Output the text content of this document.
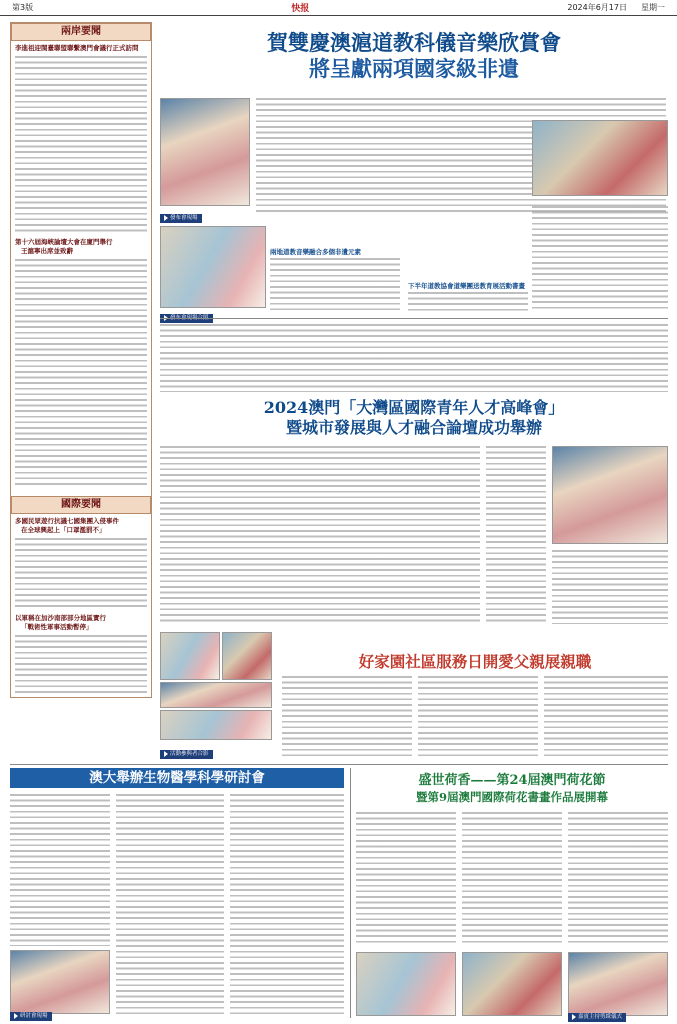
第3版	快报	2024年6月17日 星期一
兩岸要聞
李進祖迎閩臺聯盟聯繫澳門會議行正式訪問
第十六屆海峽論壇大會在廈門舉行
王滬寧出席並致辭
國際要聞
多國民眾遊行抗議七國集團入侵事件
在全球興起上「口罩濫罰不」
以軍稱在加沙南部部分地區實行
「戰術性軍事活動暫停」
賀雙慶澳滬道教科儀音樂欣賞會
將呈獻兩項國家級非遺
發布會現場
兩地道教音樂融合多個非遺元素
下半年道教協會道樂團送教育展活動書畫
2024澳門「大灣區國際青年人才高峰會」
暨城市發展與人才融合論壇成功舉辦
活動參與者合影
好家園社區服務日開愛父親展親職
澳大舉辦生物醫學科學研討會
研討會現場
盛世荷香——第24屆澳門荷花節
暨第9屆澳門國際荷花書畫作品展開幕
嘉賓主持剪綵儀式
